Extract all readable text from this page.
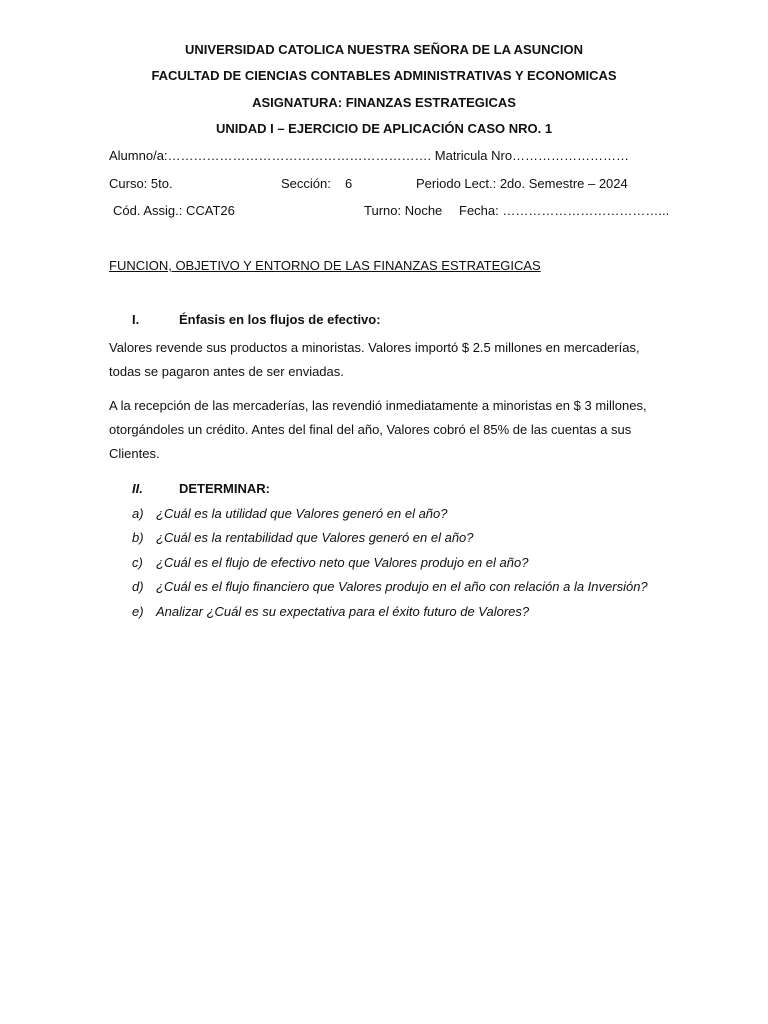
UNIVERSIDAD CATOLICA NUESTRA SEÑORA DE LA ASUNCION
FACULTAD DE CIENCIAS CONTABLES ADMINISTRATIVAS Y ECONOMICAS
ASIGNATURA: FINANZAS ESTRATEGICAS
UNIDAD I – EJERCICIO DE APLICACIÓN CASO NRO. 1
Alumno/a:……………………………………………………. Matricula Nro………………………
Curso: 5to.	Sección: 6	Periodo Lect.: 2do. Semestre – 2024
Cód. Assig.: CCAT26	Turno: Noche Fecha: ………………………………...
FUNCION, OBJETIVO Y ENTORNO DE LAS FINANZAS ESTRATEGICAS
I.	Énfasis en los flujos de efectivo:
Valores revende sus productos a minoristas. Valores importó $ 2.5 millones en mercaderías,
todas se pagaron antes de ser enviadas.
A la recepción de las mercaderías, las revendió inmediatamente a minoristas en $ 3 millones,
otorgándoles un crédito. Antes del final del año, Valores cobró el 85% de las cuentas a sus
Clientes.
II.	DETERMINAR:
a) ¿Cuál es la utilidad que Valores generó en el año?
b) ¿Cuál es la rentabilidad que Valores generó en el año?
c) ¿Cuál es el flujo de efectivo neto que Valores produjo en el año?
d) ¿Cuál es el flujo financiero que Valores produjo en el año con relación a la Inversión?
e) Analizar ¿Cuál es su expectativa para el éxito futuro de Valores?
